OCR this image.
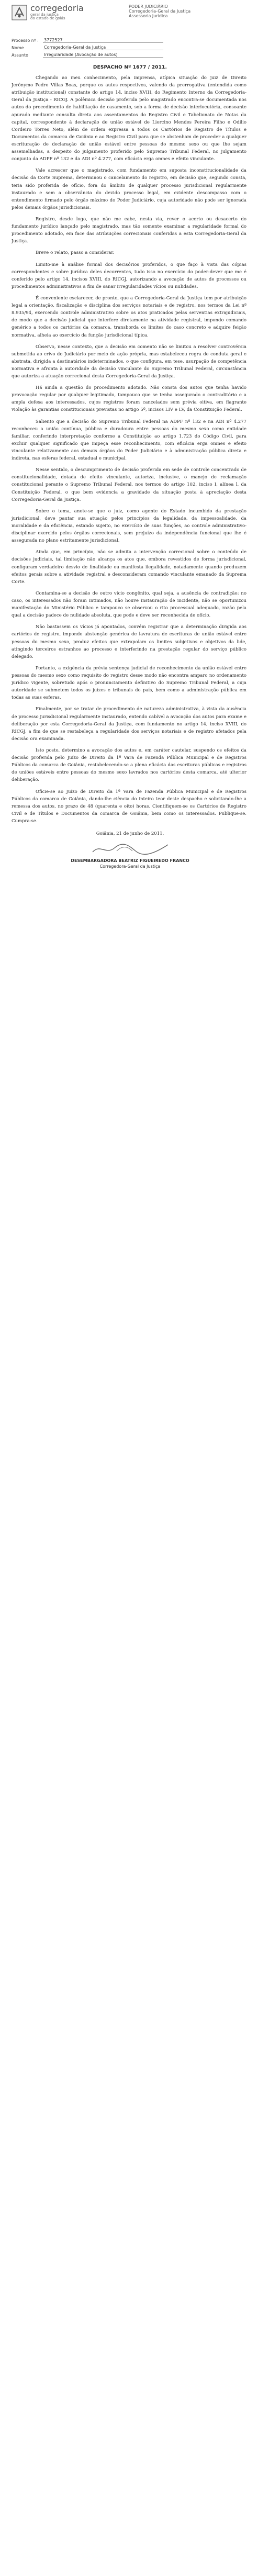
corregedoria
geral da justiça
do estado de goiás
PODER JUDICIÁRIO
Corregedoria-Geral da Justiça
Assessoria Jurídica
Processo nº :	3772527
Nome	Corregedoria-Geral da Justiça
Assunto	Irregularidade (Avocação de autos)
DESPACHO Nº 1677 / 2011.

Chegando ao meu conhecimento, pela imprensa, atípica situação do juiz de Direito Jerônymo Pedro Villas Boas, porque os autos respectivos, valendo da prerrogativa (entendida como atribuição institucional) constante do artigo 14, inciso XVIII, do Regimento Interno da Corregedoria-Geral da Justiça - RICGJ. A polêmica decisão proferida pelo magistrado encontra-se documentada nos autos do procedimento de habilitação de casamento, sob a forma de decisão interlocutória, consoante apurado mediante consulta direta aos assentamentos do Registro Civil e Tabelionato de Notas da capital, correspondente à declaração de união estável de Liorcino Mendes Pereira Filho e Odílio Cordeiro Torres Neto, além de ordem expressa a todos os Cartórios de Registro de Títulos e Documentos da comarca de Goiânia e ao Registro Civil para que se abstenham de proceder a qualquer escrituração de declaração de união estável entre pessoas do mesmo sexo ou que lhe sejam assemelhadas, a despeito do julgamento proferido pelo Supremo Tribunal Federal, no julgamento conjunto da ADPF nº 132 e da ADI nº 4.277, com eficácia erga omnes e efeito vinculante.

Vale acrescer que o magistrado, com fundamento em suposta inconstitucionalidade da decisão da Corte Suprema, determinou o cancelamento do registro, em decisão que, segundo consta, teria sido proferida de ofício, fora do âmbito de qualquer processo jurisdicional regularmente instaurado e sem a observância do devido processo legal, em evidente descompasso com o entendimento firmado pelo órgão máximo do Poder Judiciário, cuja autoridade não pode ser ignorada pelos demais órgãos jurisdicionais.

Registro, desde logo, que não me cabe, nesta via, rever o acerto ou desacerto do fundamento jurídico lançado pelo magistrado, mas tão somente examinar a regularidade formal do procedimento adotado, em face das atribuições correcionais conferidas a esta Corregedoria-Geral da Justiça.

Breve o relato, passo a considerar.

Limito-me à análise formal dos decisórios proferidos, o que faço à vista das cópias correspondentes e sobre jurídica deles decorrentes, tudo isso no exercício do poder-dever que me é conferido pelo artigo 14, incisos XVIII, do RICGJ, autorizando a avocação de autos de processos ou procedimentos administrativos a fim de sanar irregularidades vícios ou nulidades.

É conveniente esclarecer, de pronto, que a Corregedoria-Geral da Justiça tem por atribuição legal a orientação, fiscalização e disciplina dos serviços notariais e de registro, nos termos da Lei nº 8.935/94, exercendo controle administrativo sobre os atos praticados pelas serventias extrajudiciais, de modo que a decisão judicial que interfere diretamente na atividade registral, impondo comando genérico a todos os cartórios da comarca, transborda os limites do caso concreto e adquire feição normativa, alheia ao exercício da função jurisdicional típica.

Observo, nesse contexto, que a decisão em comento não se limitou a resolver controvérsia submetida ao crivo do Judiciário por meio de ação própria, mas estabeleceu regra de conduta geral e abstrata, dirigida a destinatários indeterminados, o que configura, em tese, usurpação de competência normativa e afronta à autoridade da decisão vinculante do Supremo Tribunal Federal, circunstância que autoriza a atuação correcional desta Corregedoria-Geral da Justiça.

Há ainda a questão do procedimento adotado. Não consta dos autos que tenha havido provocação regular por qualquer legitimado, tampouco que se tenha assegurado o contraditório e a ampla defesa aos interessados, cujos registros foram cancelados sem prévia oitiva, em flagrante violação às garantias constitucionais previstas no artigo 5º, incisos LIV e LV, da Constituição Federal.

Saliento que a decisão do Supremo Tribunal Federal na ADPF nº 132 e na ADI nº 4.277 reconheceu a união contínua, pública e duradoura entre pessoas do mesmo sexo como entidade familiar, conferindo interpretação conforme a Constituição ao artigo 1.723 do Código Civil, para excluir qualquer significado que impeça esse reconhecimento, com eficácia erga omnes e efeito vinculante relativamente aos demais órgãos do Poder Judiciário e à administração pública direta e indireta, nas esferas federal, estadual e municipal.

Nesse sentido, o descumprimento de decisão proferida em sede de controle concentrado de constitucionalidade, dotada de efeito vinculante, autoriza, inclusive, o manejo de reclamação constitucional perante o Supremo Tribunal Federal, nos termos do artigo 102, inciso I, alínea l, da Constituição Federal, o que bem evidencia a gravidade da situação posta à apreciação desta Corregedoria-Geral da Justiça.

Sobre o tema, anote-se que o juiz, como agente do Estado incumbido da prestação jurisdicional, deve pautar sua atuação pelos princípios da legalidade, da impessoalidade, da moralidade e da eficiência, estando sujeito, no exercício de suas funções, ao controle administrativo-disciplinar exercido pelos órgãos correcionais, sem prejuízo da independência funcional que lhe é assegurada no plano estritamente jurisdicional.

Ainda que, em princípio, não se admita a intervenção correcional sobre o conteúdo de decisões judiciais, tal limitação não alcança os atos que, embora revestidos de forma jurisdicional, configuram verdadeiro desvio de finalidade ou manifesta ilegalidade, notadamente quando produzem efeitos gerais sobre a atividade registral e desconsideram comando vinculante emanado da Suprema Corte.

Contamina-se a decisão de outro vício congênito, qual seja, a ausência de contradição: no caso, os interessados não foram intimados, não houve instauração de incidente, não se oportunizou manifestação do Ministério Público e tampouco se observou o rito processual adequado, razão pela qual a decisão padece de nulidade absoluta, que pode e deve ser reconhecida de ofício.

Não bastassem os vícios já apontados, convém registrar que a determinação dirigida aos cartórios de registro, impondo abstenção genérica de lavratura de escrituras de união estável entre pessoas do mesmo sexo, produz efeitos que extrapolam os limites subjetivos e objetivos da lide, atingindo terceiros estranhos ao processo e interferindo na prestação regular do serviço público delegado.

Portanto, a exigência da prévia sentença judicial de reconhecimento da união estável entre pessoas do mesmo sexo como requisito do registro desse modo não encontra amparo no ordenamento jurídico vigente, sobretudo após o pronunciamento definitivo do Supremo Tribunal Federal, a cuja autoridade se submetem todos os juízes e tribunais do país, bem como a administração pública em todas as suas esferas.

Finalmente, por se tratar de procedimento de natureza administrativa, à vista da ausência de processo jurisdicional regularmente instaurado, entendo cabível a avocação dos autos para exame e deliberação por esta Corregedoria-Geral da Justiça, com fundamento no artigo 14, inciso XVIII, do RICGJ, a fim de que se restabeleça a regularidade dos serviços notariais e de registro afetados pela decisão ora examinada.

Isto posto, determino a avocação dos autos e, em caráter cautelar, suspendo os efeitos da decisão proferida pelo Juízo de Direito da 1ª Vara de Fazenda Pública Municipal e de Registros Públicos da comarca de Goiânia, restabelecendo-se a plena eficácia das escrituras públicas e registros de uniões estáveis entre pessoas do mesmo sexo lavrados nos cartórios desta comarca, até ulterior deliberação.

Oficie-se ao Juízo de Direito da 1ª Vara de Fazenda Pública Municipal e de Registros Públicos da comarca de Goiânia, dando-lhe ciência do inteiro teor deste despacho e solicitando-lhe a remessa dos autos, no prazo de 48 (quarenta e oito) horas. Cientifiquem-se os Cartórios de Registro Civil e de Títulos e Documentos da comarca de Goiânia, bem como os interessados. Publique-se. Cumpra-se.

Goiânia, 21 de junho de 2011.
DESEMBARGADORA BEATRIZ FIGUEIREDO FRANCO
Corregedora-Geral da Justiça
